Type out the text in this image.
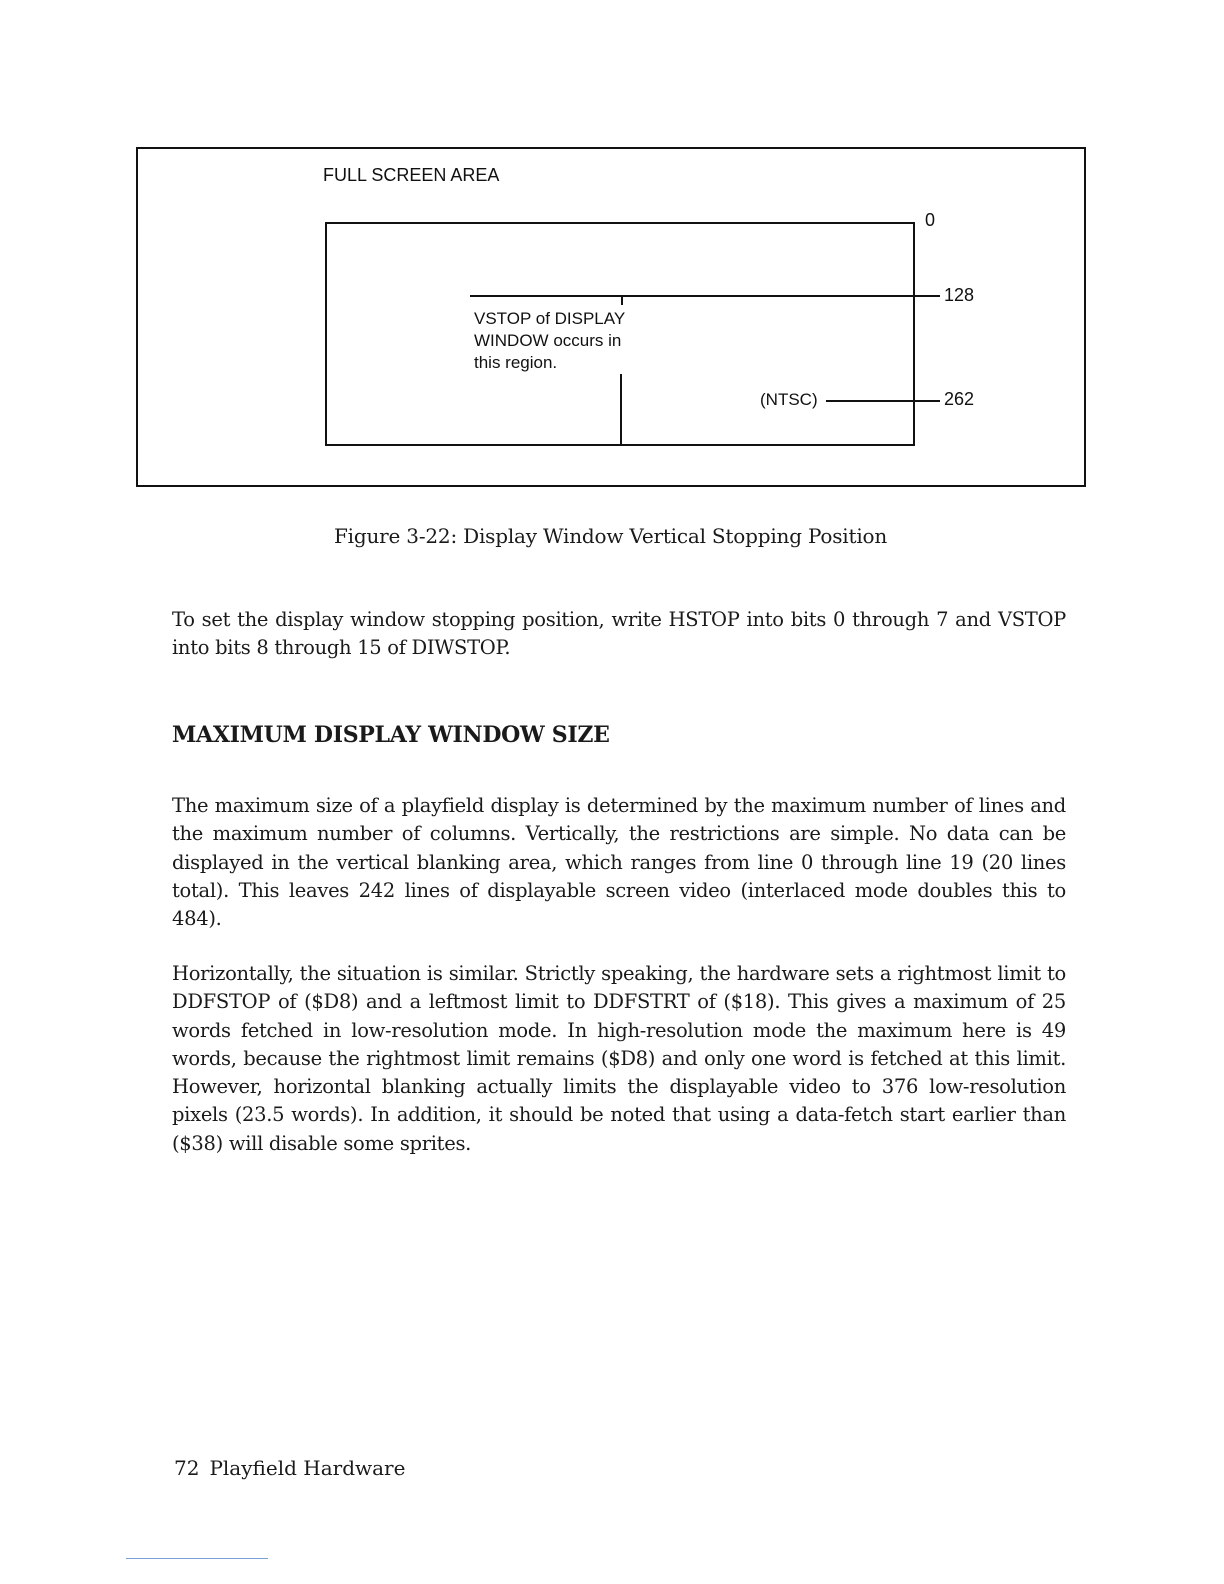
FULL SCREEN AREA
0
128
262
VSTOP of DISPLAY
WINDOW occurs in
this region.
(NTSC)
Figure 3-22: Display Window Vertical Stopping Position
To set the display window stopping position, write HSTOP into bits 0 through 7 and VSTOP into bits 8 through 15 of DIWSTOP.
MAXIMUM DISPLAY WINDOW SIZE
The maximum size of a playfield display is determined by the maximum number of lines and the maximum number of columns. Vertically, the restrictions are simple. No data can be displayed in the vertical blanking area, which ranges from line 0 through line 19 (20 lines total). This leaves 242 lines of displayable screen video (interlaced mode doubles this to 484).
Horizontally, the situation is similar. Strictly speaking, the hardware sets a rightmost limit to DDFSTOP of ($D8) and a leftmost limit to DDFSTRT of ($18). This gives a maximum of 25 words fetched in low-resolution mode. In high-resolution mode the maximum here is 49 words, because the rightmost limit remains ($D8) and only one word is fetched at this limit. However, horizontal blanking actually limits the displayable video to 376 low-resolution pixels (23.5 words). In addition, it should be noted that using a data-fetch start earlier than ($38) will disable some sprites.
72 Playfield Hardware
